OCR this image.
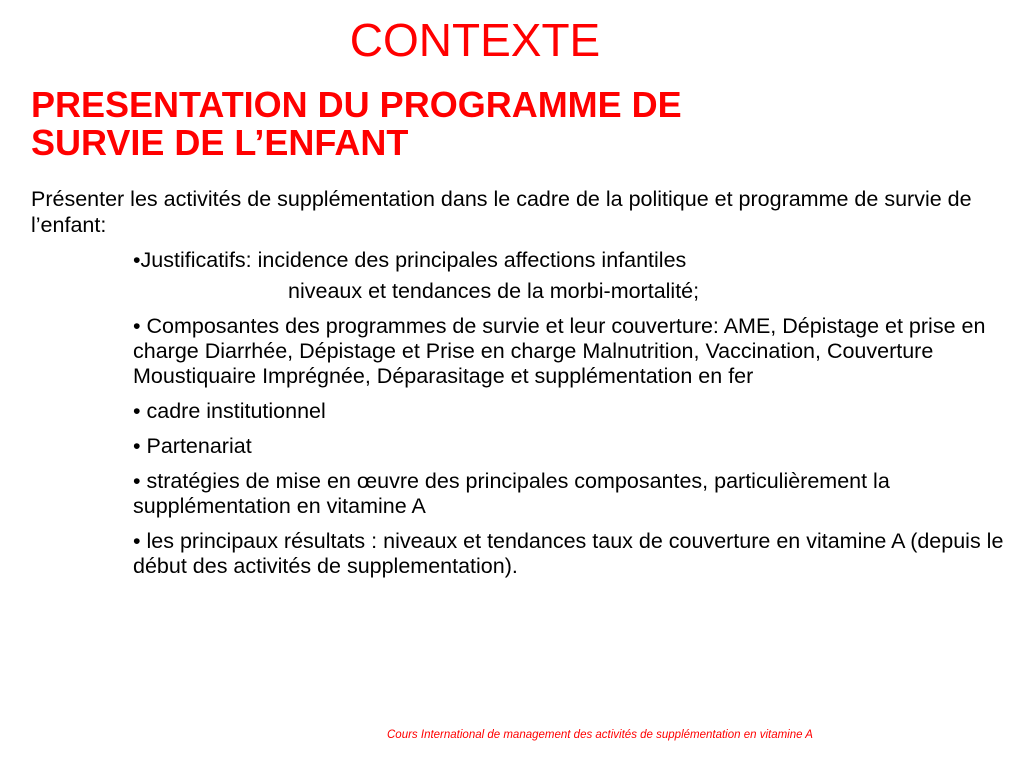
CONTEXTE
PRESENTATION DU PROGRAMME DE
SURVIE DE L’ENFANT

Présenter les activités de supplémentation dans le cadre de la politique et programme de survie de l’enfant:

•Justificatifs: incidence des principales affections infantiles
niveaux et tendances de la morbi-mortalité;
• Composantes des programmes de survie et leur couverture: AME, Dépistage et prise en charge Diarrhée, Dépistage et Prise en charge Malnutrition, Vaccination, Couverture Moustiquaire Imprégnée, Déparasitage et supplémentation en fer
• cadre institutionnel
• Partenariat
• stratégies de mise en œuvre des principales composantes, particulièrement la supplémentation en vitamine A
• les principaux résultats : niveaux et tendances taux de couverture en vitamine A (depuis le début des activités de supplementation).
Cours International de management des activités de supplémentation en vitamine A
